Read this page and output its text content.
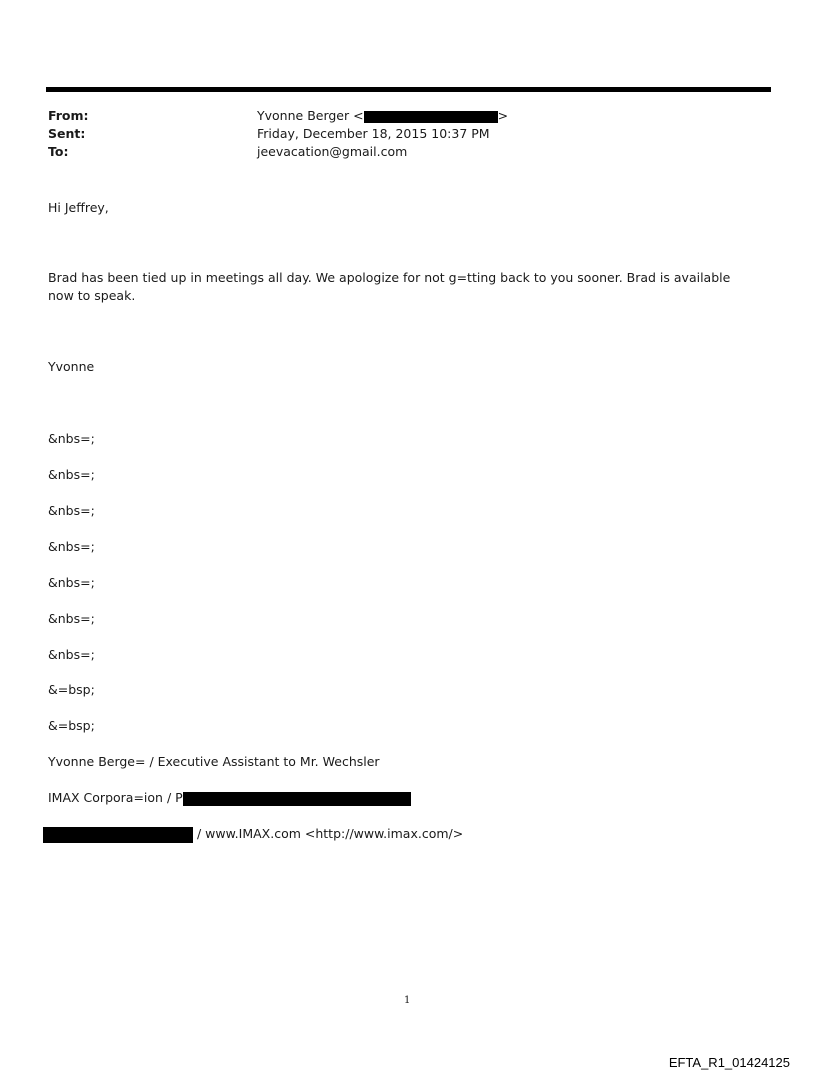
From:	Yvonne Berger <	>
Sent:	Friday, December 18, 2015 10:37 PM
To:	jeevacation@gmail.com
Hi Jeffrey,
Brad has been tied up in meetings all day. We apologize for not g=tting back to you sooner. Brad is available now to speak.
Yvonne
&nbs=;
&nbs=;
&nbs=;
&nbs=;
&nbs=;
&nbs=;
&nbs=;
&=bsp;
&=bsp;
Yvonne Berge= / Executive Assistant to Mr. Wechsler
IMAX Corpora=ion / P
/ www.IMAX.com <http://www.imax.com/>
1
EFTA_R1_01424125
